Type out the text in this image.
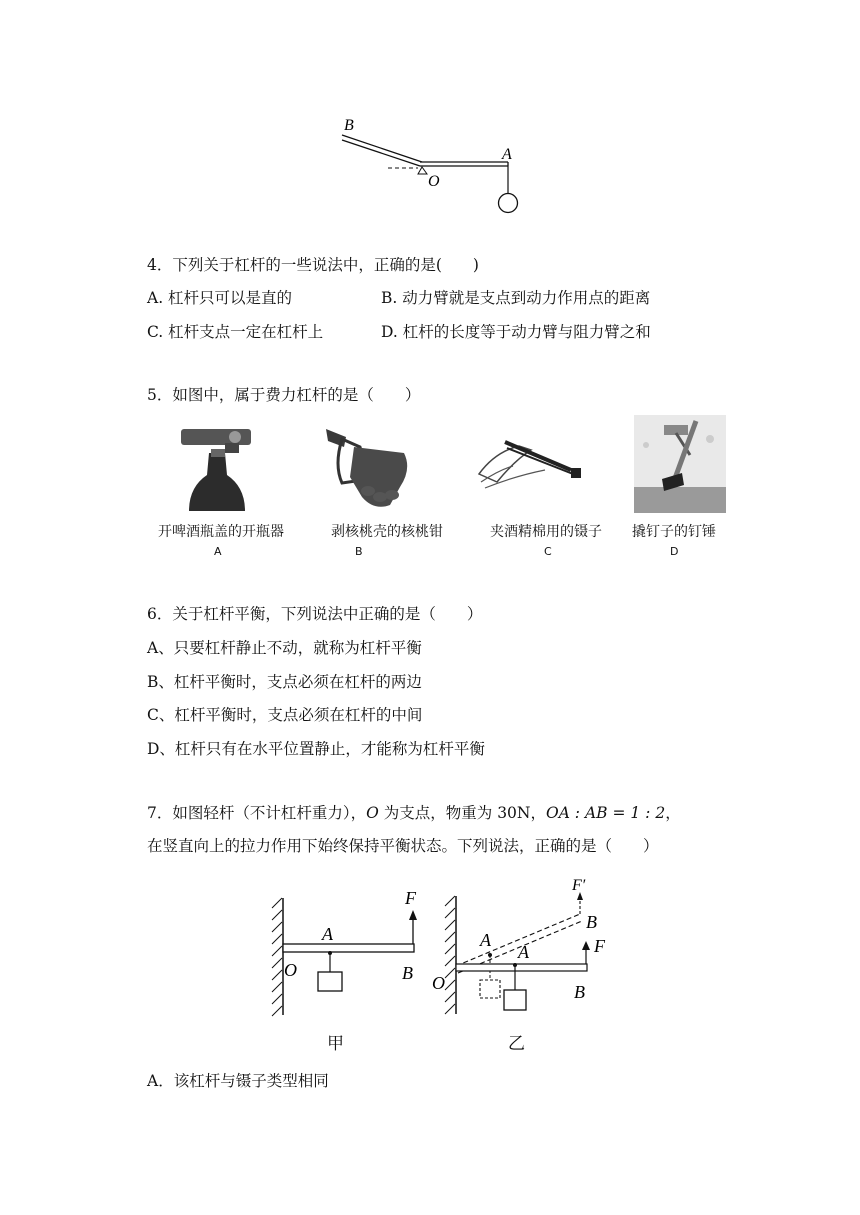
B
A
O
4．下列关于杠杆的一些说法中，正确的是(　　)
A. 杠杆只可以是直的	B. 动力臂就是支点到动力作用点的距离
C. 杠杆支点一定在杠杆上	D. 杠杆的长度等于动力臂与阻力臂之和
5．如图中，属于费力杠杆的是（　　）
开啤酒瓶盖的开瓶器
A
剥核桃壳的核桃钳
B
夹酒精棉用的镊子
C
撬钉子的钉锤
D
6．关于杠杆平衡，下列说法中正确的是（　　）
A、只要杠杆静止不动，就称为杠杆平衡
B、杠杆平衡时，支点必须在杠杆的两边
C、杠杆平衡时，支点必须在杠杆的中间
D、杠杆只有在水平位置静止，才能称为杠杆平衡
7．如图轻杆（不计杠杆重力），O 为支点，物重为 30N，OA : AB = 1 : 2，
在竖直向上的拉力作用下始终保持平衡状态。下列说法，正确的是（　　）
F
A
O	B
甲
F′
B
A
A	F
O	B
乙
A．该杠杆与镊子类型相同
